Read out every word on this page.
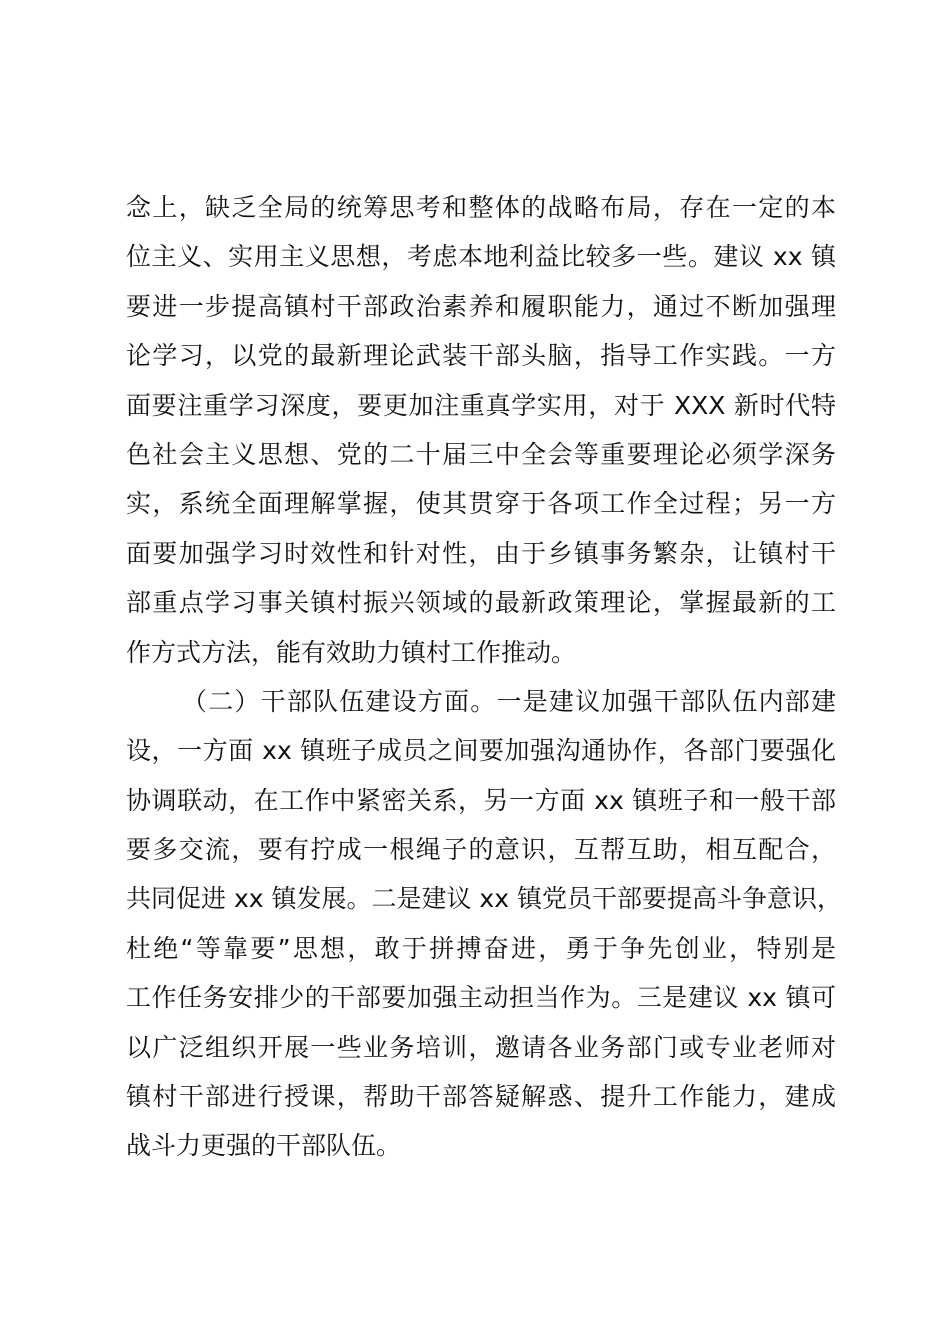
念上，缺乏全局的统筹思考和整体的战略布局，存在一定的本
位主义、实用主义思想，考虑本地利益比较多一些。建议 xx 镇
要进一步提高镇村干部政治素养和履职能力，通过不断加强理
论学习，以党的最新理论武装干部头脑，指导工作实践。一方
面要注重学习深度，要更加注重真学实用，对于 XXX 新时代特
色社会主义思想、党的二十届三中全会等重要理论必须学深务
实，系统全面理解掌握，使其贯穿于各项工作全过程；另一方
面要加强学习时效性和针对性，由于乡镇事务繁杂，让镇村干
部重点学习事关镇村振兴领域的最新政策理论，掌握最新的工
作方式方法，能有效助力镇村工作推动。
（二）干部队伍建设方面。一是建议加强干部队伍内部建
设，一方面 xx 镇班子成员之间要加强沟通协作，各部门要强化
协调联动，在工作中紧密关系，另一方面 xx 镇班子和一般干部
要多交流，要有拧成一根绳子的意识，互帮互助，相互配合，
共同促进 xx 镇发展。二是建议 xx 镇党员干部要提高斗争意识，
杜绝“等靠要”思想，敢于拼搏奋进，勇于争先创业，特别是
工作任务安排少的干部要加强主动担当作为。三是建议 xx 镇可
以广泛组织开展一些业务培训，邀请各业务部门或专业老师对
镇村干部进行授课，帮助干部答疑解惑、提升工作能力，建成
战斗力更强的干部队伍。
